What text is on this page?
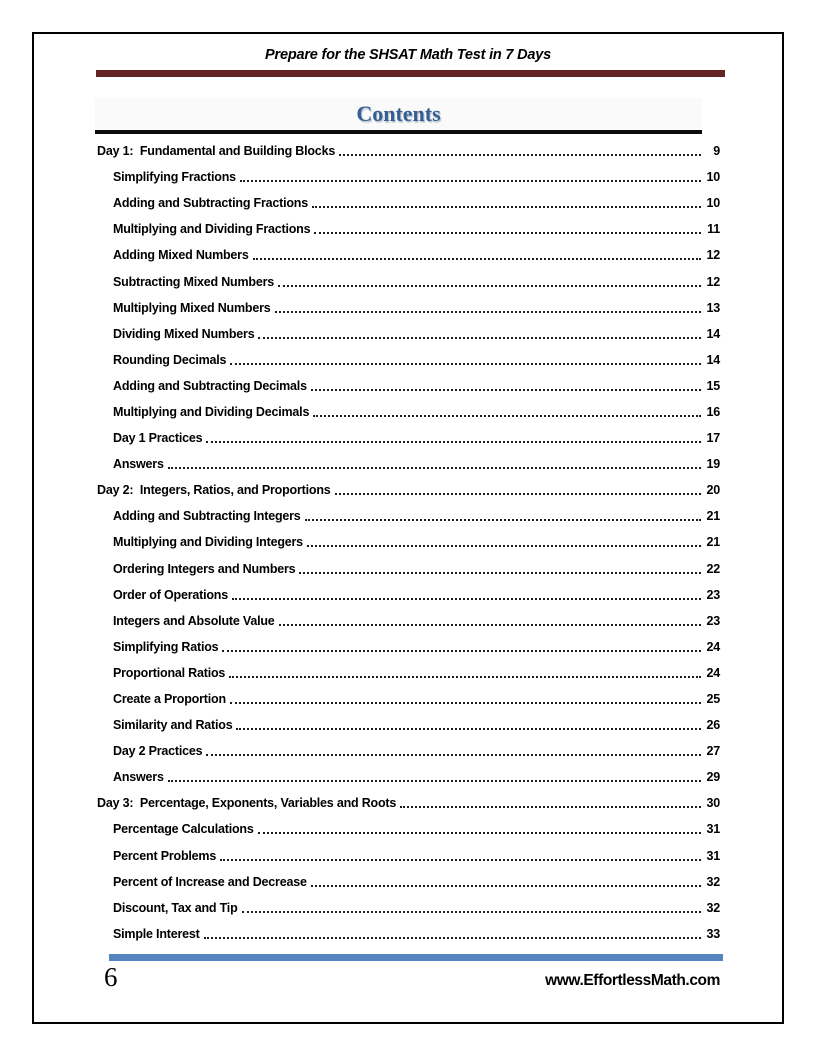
Prepare for the SHSAT Math Test in 7 Days
Contents
Day 1:  Fundamental and Building Blocks	9
Simplifying Fractions	10
Adding and Subtracting Fractions	10
Multiplying and Dividing Fractions	11
Adding Mixed Numbers	12
Subtracting Mixed Numbers	12
Multiplying Mixed Numbers	13
Dividing Mixed Numbers	14
Rounding Decimals	14
Adding and Subtracting Decimals	15
Multiplying and Dividing Decimals	16
Day 1 Practices	17
Answers	19
Day 2:  Integers, Ratios, and Proportions	20
Adding and Subtracting Integers	21
Multiplying and Dividing Integers	21
Ordering Integers and Numbers	22
Order of Operations	23
Integers and Absolute Value	23
Simplifying Ratios	24
Proportional Ratios	24
Create a Proportion	25
Similarity and Ratios	26
Day 2 Practices	27
Answers	29
Day 3:  Percentage, Exponents, Variables and Roots	30
Percentage Calculations	31
Percent Problems	31
Percent of Increase and Decrease	32
Discount, Tax and Tip	32
Simple Interest	33
6	www.EffortlessMath.com
